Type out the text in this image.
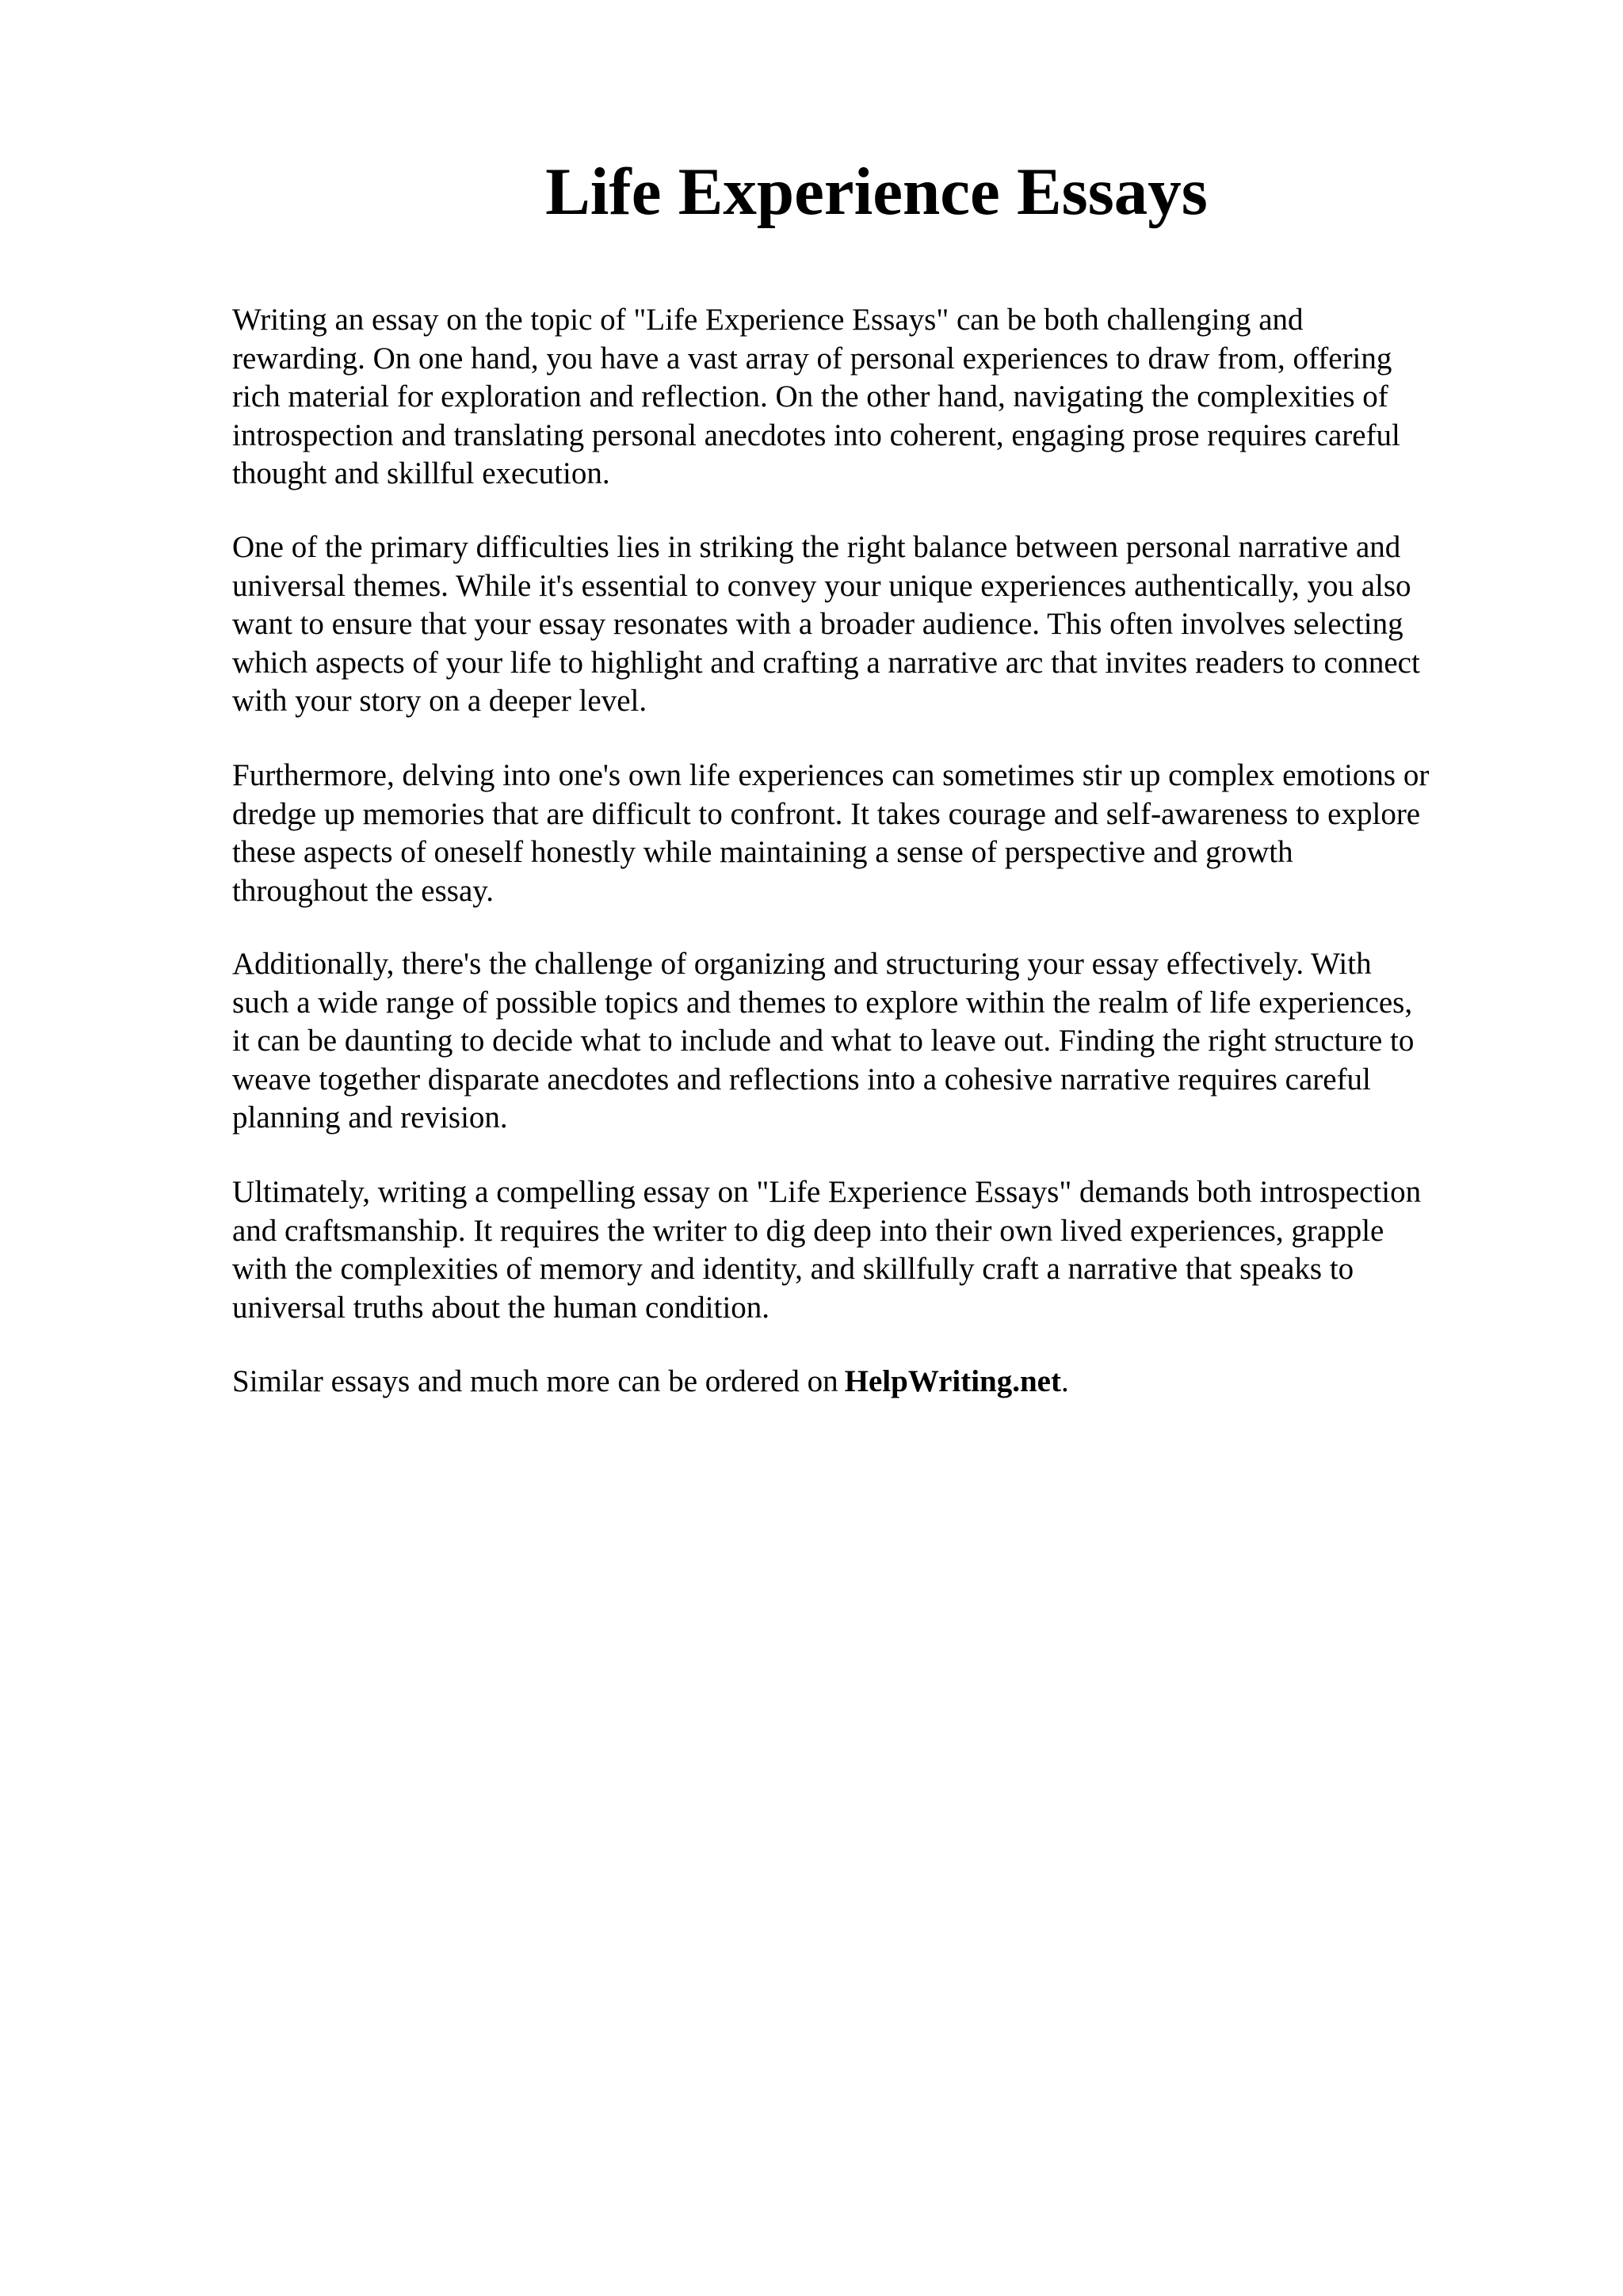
Life Experience Essays

Writing an essay on the topic of "Life Experience Essays" can be both challenging and
rewarding. On one hand, you have a vast array of personal experiences to draw from, offering
rich material for exploration and reflection. On the other hand, navigating the complexities of
introspection and translating personal anecdotes into coherent, engaging prose requires careful
thought and skillful execution.

One of the primary difficulties lies in striking the right balance between personal narrative and
universal themes. While it's essential to convey your unique experiences authentically, you also
want to ensure that your essay resonates with a broader audience. This often involves selecting
which aspects of your life to highlight and crafting a narrative arc that invites readers to connect
with your story on a deeper level.

Furthermore, delving into one's own life experiences can sometimes stir up complex emotions or
dredge up memories that are difficult to confront. It takes courage and self-awareness to explore
these aspects of oneself honestly while maintaining a sense of perspective and growth
throughout the essay.

Additionally, there's the challenge of organizing and structuring your essay effectively. With
such a wide range of possible topics and themes to explore within the realm of life experiences,
it can be daunting to decide what to include and what to leave out. Finding the right structure to
weave together disparate anecdotes and reflections into a cohesive narrative requires careful
planning and revision.

Ultimately, writing a compelling essay on "Life Experience Essays" demands both introspection
and craftsmanship. It requires the writer to dig deep into their own lived experiences, grapple
with the complexities of memory and identity, and skillfully craft a narrative that speaks to
universal truths about the human condition.

Similar essays and much more can be ordered on HelpWriting.net.
